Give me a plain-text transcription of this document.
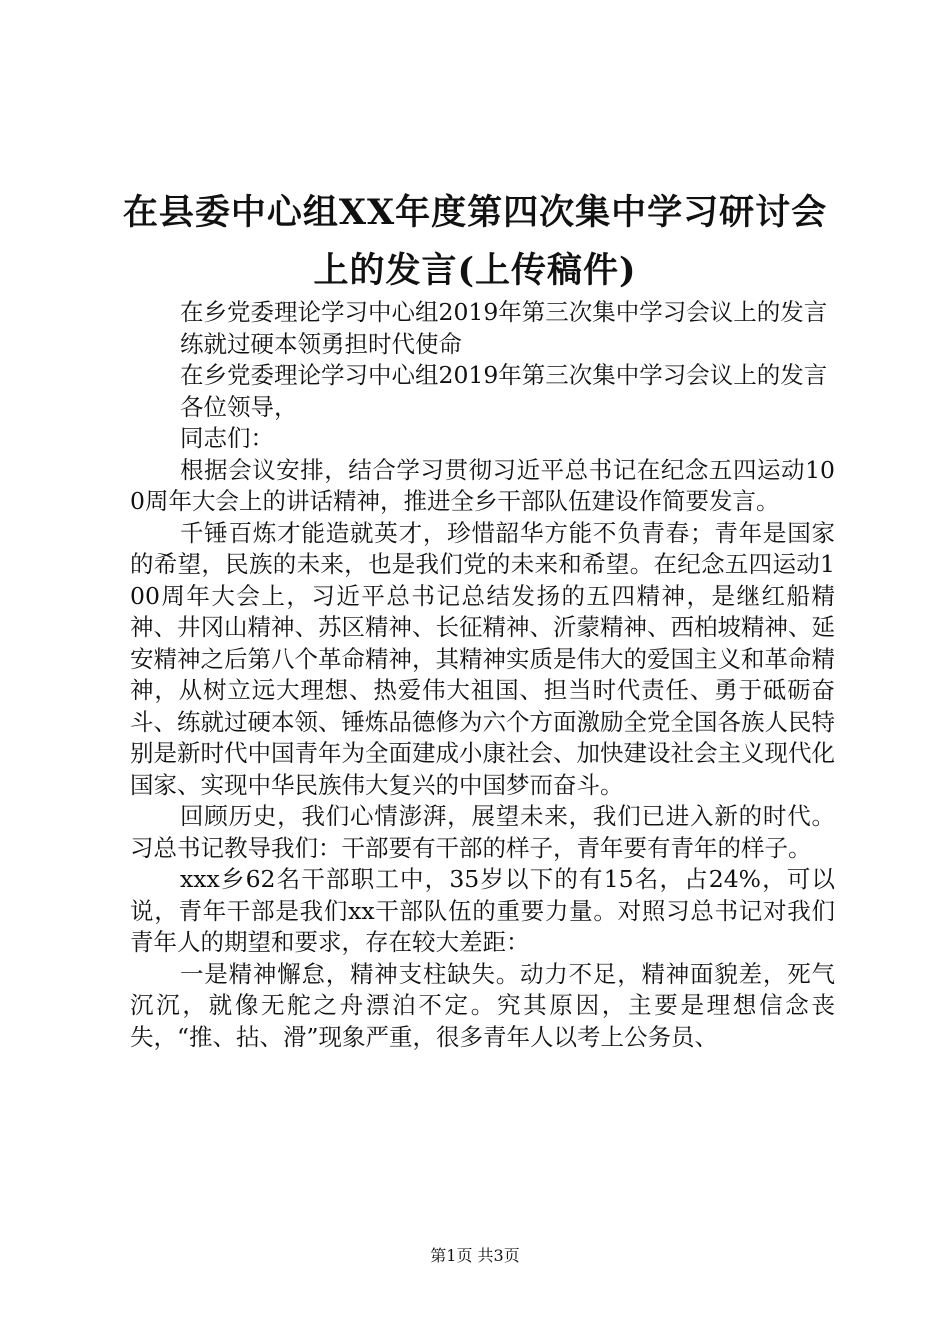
在县委中心组XX年度第四次集中学习研讨会
上的发言(上传稿件)

在乡党委理论学习中心组2019年第三次集中学习会议上的发言

练就过硬本领勇担时代使命

在乡党委理论学习中心组2019年第三次集中学习会议上的发言

各位领导，

同志们：

根据会议安排，结合学习贯彻习近平总书记在纪念五四运动100周年大会上的讲话精神，推进全乡干部队伍建设作简要发言。

千锤百炼才能造就英才，珍惜韶华方能不负青春；青年是国家的希望，民族的未来，也是我们党的未来和希望。在纪念五四运动100周年大会上，习近平总书记总结发扬的五四精神，是继红船精神、井冈山精神、苏区精神、长征精神、沂蒙精神、西柏坡精神、延安精神之后第八个革命精神，其精神实质是伟大的爱国主义和革命精神，从树立远大理想、热爱伟大祖国、担当时代责任、勇于砥砺奋斗、练就过硬本领、锤炼品德修为六个方面激励全党全国各族人民特别是新时代中国青年为全面建成小康社会、加快建设社会主义现代化国家、实现中华民族伟大复兴的中国梦而奋斗。

回顾历史，我们心情澎湃，展望未来，我们已进入新的时代。习总书记教导我们：干部要有干部的样子，青年要有青年的样子。

xxx乡62名干部职工中，35岁以下的有15名，占24%，可以说，青年干部是我们xx干部队伍的重要力量。对照习总书记对我们青年人的期望和要求，存在较大差距：

一是精神懈怠，精神支柱缺失。动力不足，精神面貌差，死气沉沉，就像无舵之舟漂泊不定。究其原因，主要是理想信念丧失，“推、拈、滑”现象严重，很多青年人以考上公务员、

第1页 共3页
